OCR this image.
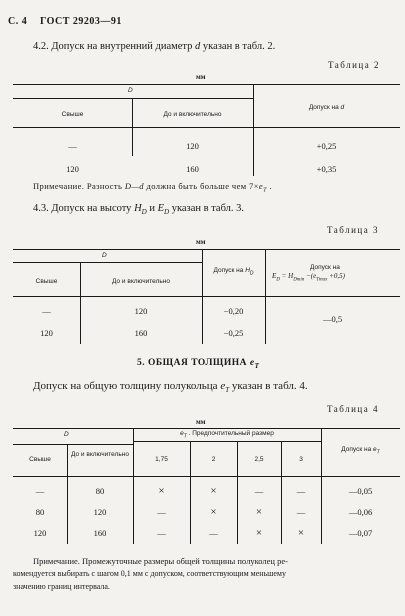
С. 4 ГОСТ 29203—91
4.2. Допуск на внутренний диаметр d указан в табл. 2.
Таблица 2
мм
D
Свыше	До и включительно
Допуск на d
—	120	+0,25
120	160	+0,35
Примечание. Разность D—d должна быть больше чем $7\times e_T$ .
4.3. Допуск на высоту $H_D$ и $E_D$ указан в табл. 3.
Таблица 3
мм
D
Свыше	До и включительно
Допуск на $H_D$
Допуск на
$E_D = H_{Dmin} -(e_{Tmax} +0,5)$
—	120	−0,20
120	160	−0,25
—0,5
5. ОБЩАЯ ТОЛЩИНА $e_T$
Допуск на общую толщину полукольца $e_T$ указан в табл. 4.
Таблица 4
мм
D	$e_T$ . Предпочтительный размер
Свыше
До и включительно
1,75	2	2,5	3
Допуск на $e_T$
—	80	×	×	—	—	—0,05
80	120	—	×	×	—	—0,06
120	160	—	—	×	×	—0,07
Примечание. Промежуточные размеры общей толщины полуколец ре-
комендуется выбирать с шагом 0,1 мм с допуском, соответствующим меньшему
значению границ интервала.
